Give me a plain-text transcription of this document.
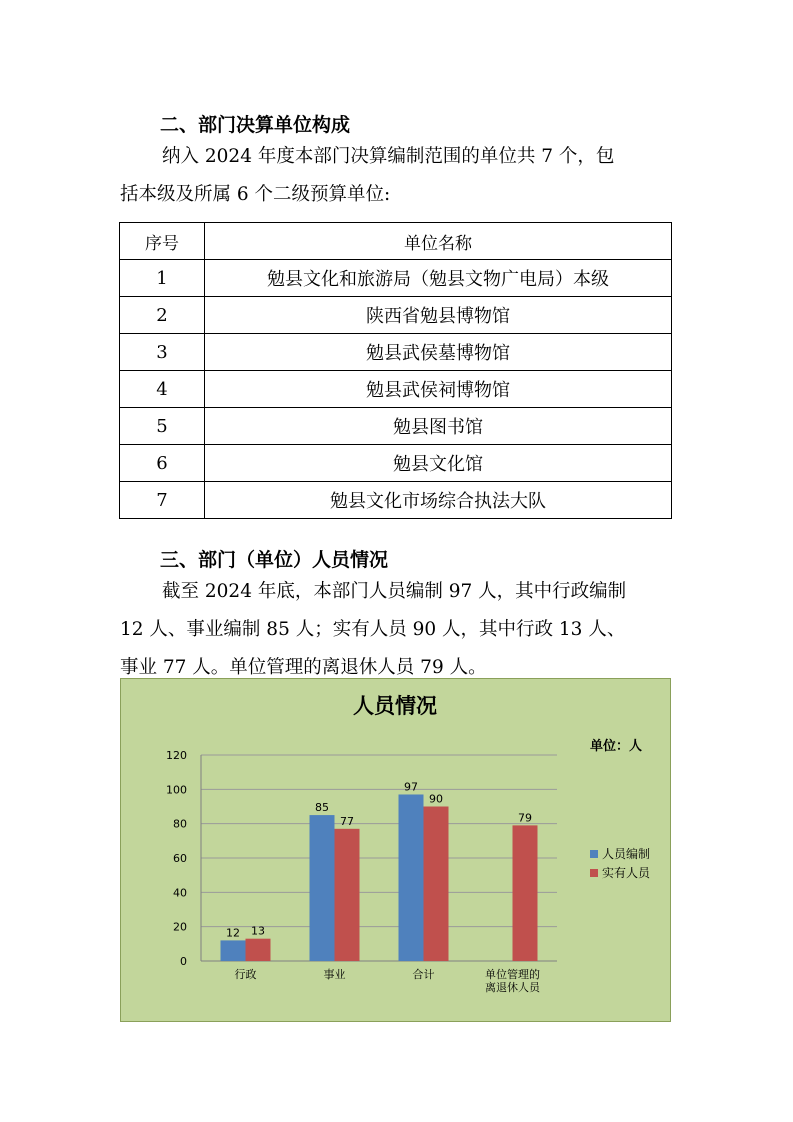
二、部门决算单位构成
纳入 2024 年度本部门决算编制范围的单位共 7 个，包
括本级及所属 6 个二级预算单位:
序号	单位名称
1	勉县文化和旅游局（勉县文物广电局）本级
2	陕西省勉县博物馆
3	勉县武侯墓博物馆
4	勉县武侯祠博物馆
5	勉县图书馆
6	勉县文化馆
7	勉县文化市场综合执法大队
三、部门（单位）人员情况
截至 2024 年底，本部门人员编制 97 人，其中行政编制
12 人、事业编制 85 人；实有人员 90 人，其中行政 13 人、
事业 77 人。单位管理的离退休人员 79 人。
人员情况
单位：人
0
20
40
60
80
100
120
12 13
行政
85
77
事业
97
90
合计
79
单位管理的
离退休人员
人员编制
实有人员
